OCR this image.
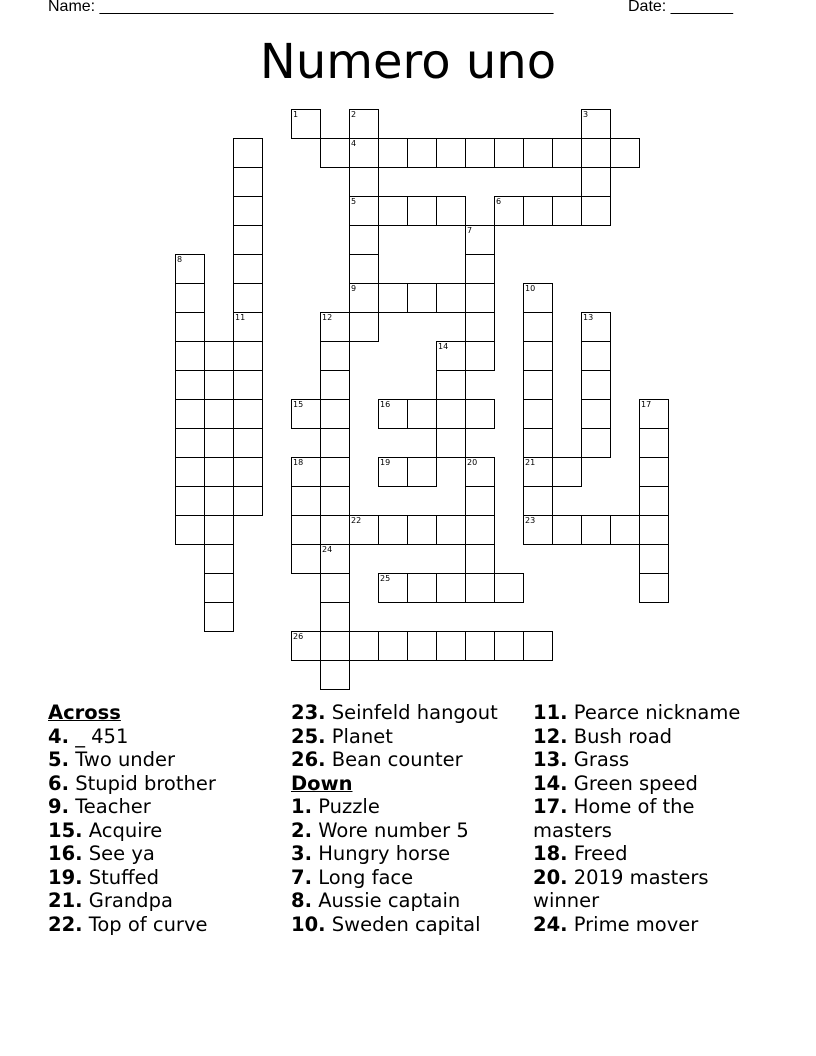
Name: ___________________________________________________	Date: _______
Numero uno
11
1	2
4
5
9
3
6
7
8
10
21
12	13
14
15	16	17
18	19	20
22	23
24
25
26
Across
4. _ 451
5. Two under
6. Stupid brother
9. Teacher
15. Acquire
16. See ya
19. Stuffed
21. Grandpa
22. Top of curve
23. Seinfeld hangout
25. Planet
26. Bean counter
Down
1. Puzzle
2. Wore number 5
3. Hungry horse
7. Long face
8. Aussie captain
10. Sweden capital
11. Pearce nickname
12. Bush road
13. Grass
14. Green speed
17. Home of the masters
18. Freed
20. 2019 masters winner
24. Prime mover
